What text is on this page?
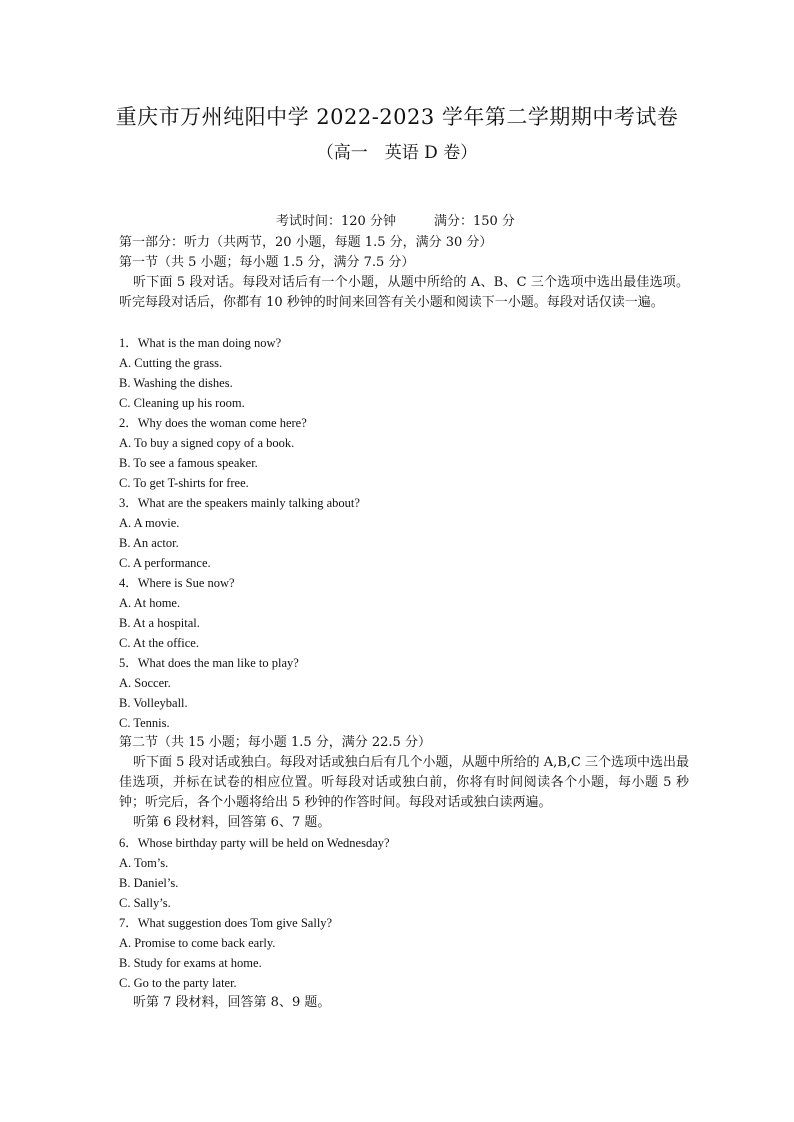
重庆市万州纯阳中学 2022-2023 学年第二学期期中考试卷
（高一　英语 D 卷）
考试时间：120 分钟	满分：150 分
第一部分：听力（共两节，20 小题，每题 1.5 分，满分 30 分）
第一节（共 5 小题；每小题 1.5 分，满分 7.5 分）
听下面 5 段对话。每段对话后有一个小题，从题中所给的 A、B、C 三个选项中选出最佳选项。听完每段对话后，你都有 10 秒钟的时间来回答有关小题和阅读下一小题。每段对话仅读一遍。
1．What is the man doing now?
A. Cutting the grass.
B. Washing the dishes.
C. Cleaning up his room.
2．Why does the woman come here?
A. To buy a signed copy of a book.
B. To see a famous speaker.
C. To get T-shirts for free.
3．What are the speakers mainly talking about?
A. A movie.
B. An actor.
C. A performance.
4．Where is Sue now?
A. At home.
B. At a hospital.
C. At the office.
5．What does the man like to play?
A. Soccer.
B. Volleyball.
C. Tennis.
第二节（共 15 小题；每小题 1.5 分，满分 22.5 分）
听下面 5 段对话或独白。每段对话或独白后有几个小题，从题中所给的 A,B,C 三个选项中选出最佳选项，并标在试卷的相应位置。听每段对话或独白前，你将有时间阅读各个小题，每小题 5 秒钟；听完后，各个小题将给出 5 秒钟的作答时间。每段对话或独白读两遍。
听第 6 段材料，回答第 6、7 题。
6．Whose birthday party will be held on Wednesday?
A. Tom’s.
B. Daniel’s.
C. Sally’s.
7．What suggestion does Tom give Sally?
A. Promise to come back early.
B. Study for exams at home.
C. Go to the party later.
听第 7 段材料，回答第 8、9 题。
